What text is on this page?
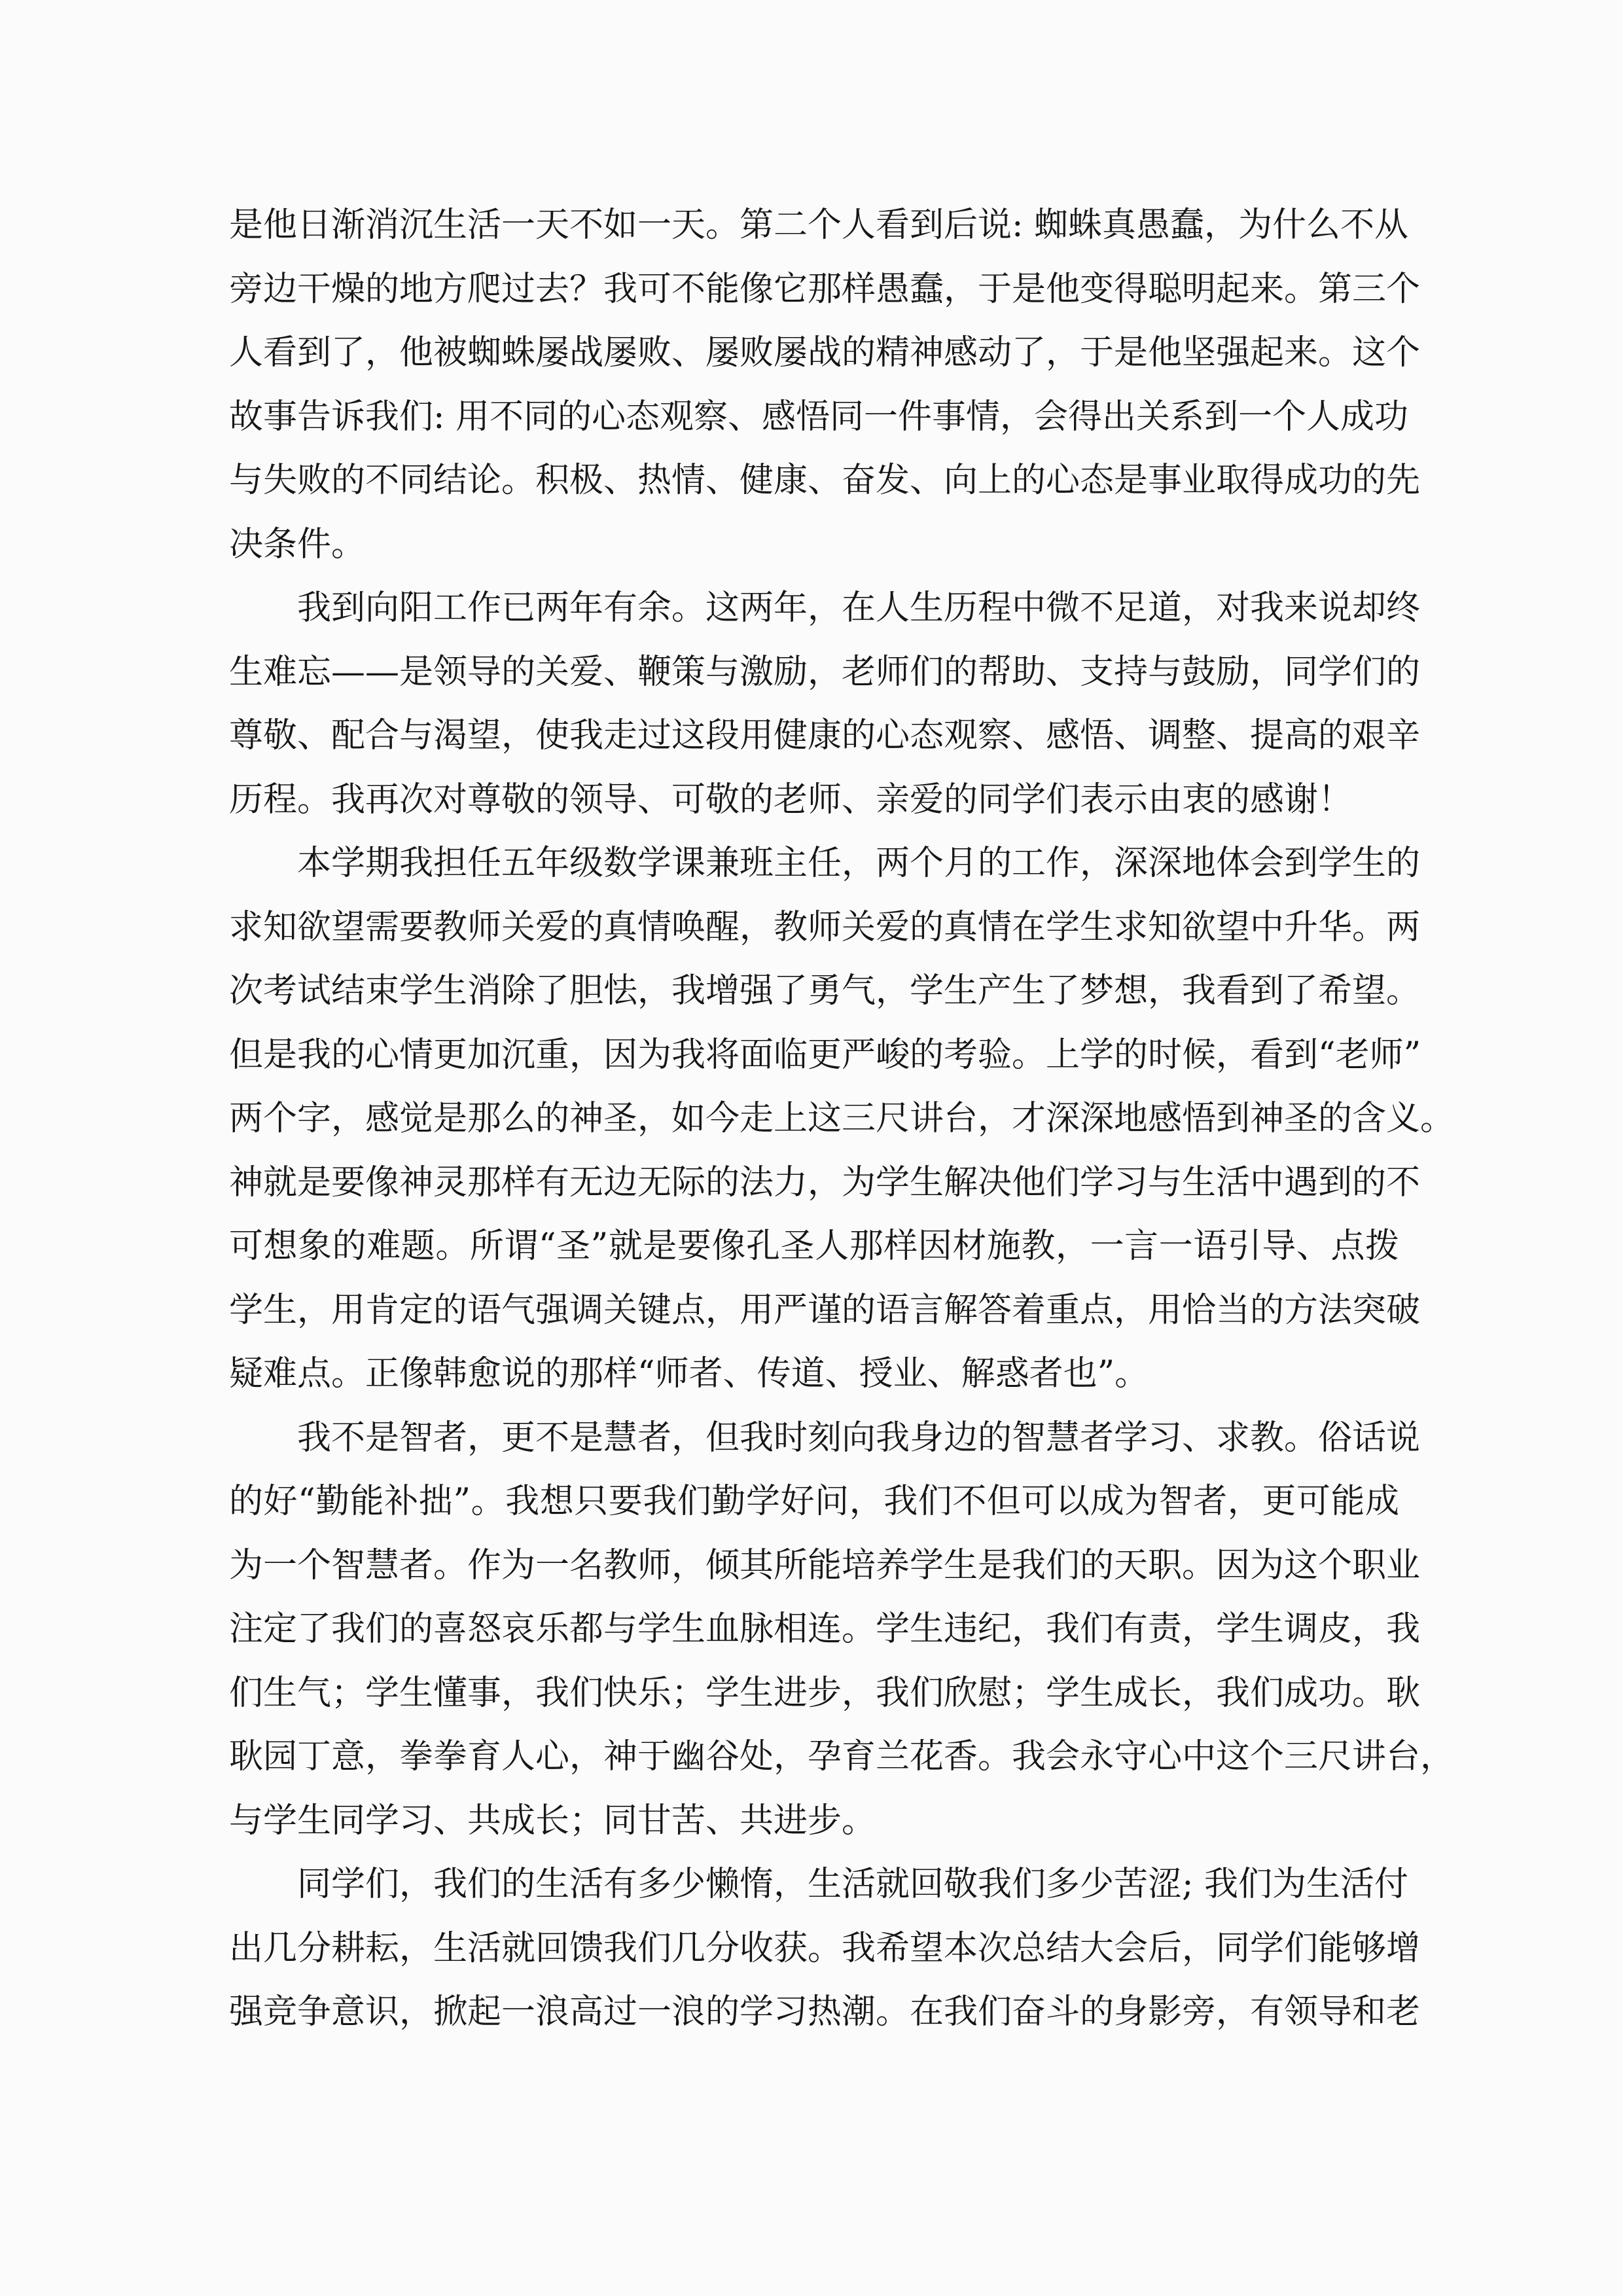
是他日渐消沉生活一天不如一天。第二个人看到后说: 蜘蛛真愚蠢，为什么不从
旁边干燥的地方爬过去？我可不能像它那样愚蠢，于是他变得聪明起来。第三个
人看到了，他被蜘蛛屡战屡败、屡败屡战的精神感动了，于是他坚强起来。这个
故事告诉我们: 用不同的心态观察、感悟同一件事情，会得出关系到一个人成功
与失败的不同结论。积极、热情、健康、奋发、向上的心态是事业取得成功的先
决条件。
我到向阳工作已两年有余。这两年，在人生历程中微不足道，对我来说却终
生难忘——是领导的关爱、鞭策与激励，老师们的帮助、支持与鼓励，同学们的
尊敬、配合与渴望，使我走过这段用健康的心态观察、感悟、调整、提高的艰辛
历程。我再次对尊敬的领导、可敬的老师、亲爱的同学们表示由衷的感谢！
本学期我担任五年级数学课兼班主任，两个月的工作，深深地体会到学生的
求知欲望需要教师关爱的真情唤醒，教师关爱的真情在学生求知欲望中升华。两
次考试结束学生消除了胆怯，我增强了勇气，学生产生了梦想，我看到了希望。
但是我的心情更加沉重，因为我将面临更严峻的考验。上学的时候，看到“老师”
两个字，感觉是那么的神圣，如今走上这三尺讲台，才深深地感悟到神圣的含义。
神就是要像神灵那样有无边无际的法力，为学生解决他们学习与生活中遇到的不
可想象的难题。所谓“圣”就是要像孔圣人那样因材施教，一言一语引导、点拨
学生，用肯定的语气强调关键点，用严谨的语言解答着重点，用恰当的方法突破
疑难点。正像韩愈说的那样“师者、传道、授业、解惑者也”。
我不是智者，更不是慧者，但我时刻向我身边的智慧者学习、求教。俗话说
的好“勤能补拙”。我想只要我们勤学好问，我们不但可以成为智者，更可能成
为一个智慧者。作为一名教师，倾其所能培养学生是我们的天职。因为这个职业
注定了我们的喜怒哀乐都与学生血脉相连。学生违纪，我们有责，学生调皮，我
们生气；学生懂事，我们快乐；学生进步，我们欣慰；学生成长，我们成功。耿
耿园丁意，拳拳育人心，神于幽谷处，孕育兰花香。我会永守心中这个三尺讲台，
与学生同学习、共成长；同甘苦、共进步。
同学们，我们的生活有多少懒惰，生活就回敬我们多少苦涩; 我们为生活付
出几分耕耘，生活就回馈我们几分收获。我希望本次总结大会后，同学们能够增
强竞争意识，掀起一浪高过一浪的学习热潮。在我们奋斗的身影旁，有领导和老
